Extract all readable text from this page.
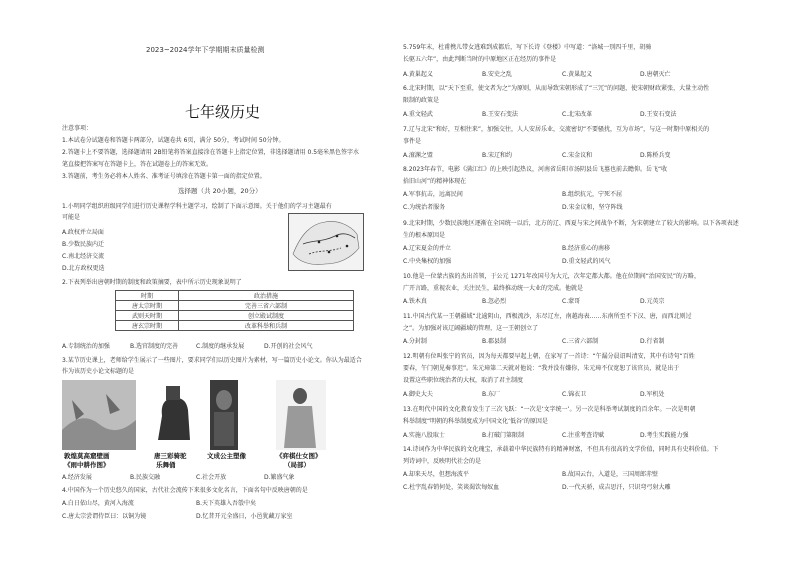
2023~2024学年下学期期末质量检测
七年级历史
注意事项：
1.本试卷分试题卷和答题卡两部分，试题卷共 6页，满分 50分，考试时间 50分钟。
2.答题卡上不要答题，选择题请用 2B铅笔将答案直接涂在答题卡上指定位置，非选择题请用 0.5毫米黑色签字水
笔直接把答案写在答题卡上，答在试题卷上的答案无效。
3.答题前，考生务必将本人姓名、准考证号填涂在答题卡第一面的指定位置。
选择题（共 20小题，20分）
1.小明同学组织班级同学们进行历史课程学科主题学习，绘制了下面示意图。关于他们的学习主题最有
可能是
A.政权并立局面
B.少数民族内迁
C.南北经济交流
D.北方政权更迭
2.下表列举出唐朝时期的制度和政策摘要，表中所示历史现象说明了
时期	政治措施
唐太宗时期	完善三省六部制
武则天时期	创立殿试制度
唐玄宗时期	改革科举和兵制
A.专制统治的加强	B.选官制度的完善	C.制度的继承发展	D.开创的社会风气
3.某节历史课上，老师给学生展示了一些图片，要求同学们以历史图片为素材，写一篇历史小论文。你认为最适合
作为该历史小论文标题的是
敦煌莫高窟壁画
《雨中耕作图》
唐三彩骑驼
乐舞俑
文成公主塑像	《弈棋仕女图》
（局部）
A.经济发展	B.民族交融	C.社会开放	D.繁盛气象
4.中国作为一个历史悠久的国家，古代社会流传下来很多文化名言，下面名句中反映唐朝的是
A.白日依山尽，黄河入海流	B.天下英雄入吾彀中矣
C.唐太宗尝谓侍臣曰：以铜为镜	D.忆昔开元全盛日，小邑犹藏万家室
5.759年末，杜甫携儿带女逃难到成都后，写下长诗《登楼》中写道：“洛城一别四千里，胡骑
长驱五六年”，由此判断当时的中原地区正在经历的事件是
A.黄巢起义	B.安史之乱	C.黄巢起义	D.唐朝灭亡
6.北宋时期，以“天下至重，使文者为之”为原则，从而导致宋朝形成了“三冗”的问题，使宋朝财政紧张，大量主动性
限制的政策是
A.重文轻武	B.王安石变法	C.北宋改革	D.王安石变法
7.辽与北宋“和好，互相往来”，加强交往，人人安居乐业，交流密切“不要骚扰，互为市场”，与这一时期中原相关的
事件是
A.澶渊之盟	B.宋辽和约	C.宋金议和	D.陈桥兵变
8.2023年春节，电影《满江红》的上映引起热议，河南省岳阳市汤阴县岳飞墓也前去瞻仰。岳飞“收
拾旧山河”的精神体现在
A.军事抗击，远离民间	B.组织抗元，宁死不屈
C.为统治者服务	D.宋金议和，坚守阵线
9.北宋时期，少数民族地区逐渐在全国统一以后，北方的辽、西夏与宋之间战争不断，为宋朝建立了较大的影响。以下各项表述
生的根本原因是
A.辽宋夏金的并立	B.经济重心的南移
C.中央集权的加强	D.重文轻武的风气
10.他是一位蒙古族的杰出首领，于公元 1271年改国号为大元，次年定都大都。他在位期间“治国安民”的方略，
广开言路，重视农业，关注民生，最终推动统一大业的完成。他就是
A.铁木真	B.忽必烈	C.蒙哥	D.元英宗
11.中国古代某一王朝疆域“北逾阴山，西极流沙，东尽辽左，南越海表……东南所至不下汉、唐，而西北则过
之”。为加强对该辽阔疆域的管理，这一王朝创立了
A.分封制	B.郡县制	C.三省六部制	D.行省制
12.明朝有位叫张宁的官员，因为每天都要早起上朝，在家写了一首诗：“午漏分晨诏叫清安，其中有诗句“百姓
要春，午门朝见奏事迟”。朱元璋第二天就对他说：“我并没有嫌你，朱元璋不仅宽恕了该官员，就是出于
设置这些职位统治者的大权，取消了君主制度
A.御史大夫	B.东厂	C.锦衣卫	D.军机处
13.在明代中国的文化教育发生了三次飞跃：“一次是‘文字统一’。另一次是科举考试制度的百余年。一次是明朝
科举制度“明朝的科举制度成为中国文化‘低谷’的原因是
A.实施八股取士	B.打破门第限制	C.注重考查诗赋	D.考生实践能力强
14.诗词作为中华民族的文化瑰宝，承载着中华民族特有的精神财富，不但具有很高的文学价值，同时具有史料价值。下
列诗词中，反映明代社会的是
A.却来天尽，但想海波平	B.故国云台，入道是，三国周郎赤壁
C.杜宇乱春销何处，笑谈渴饮匈奴血	D.一代天骄，成吉思汗，只识弯弓射大雕
